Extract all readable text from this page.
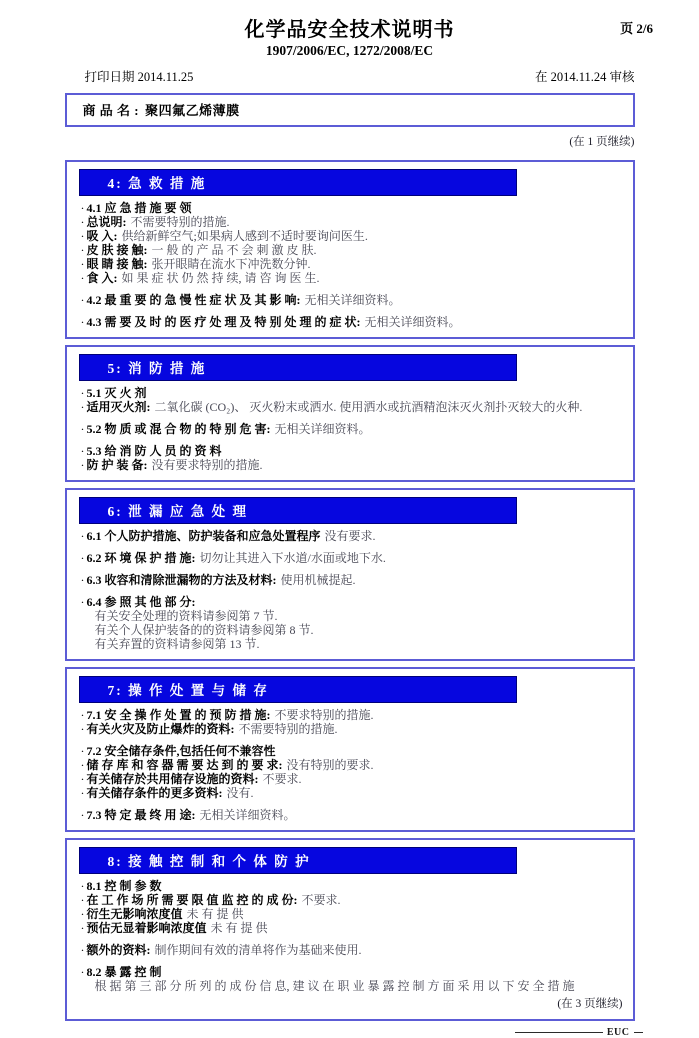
页 2/6
化学品安全技术说明书
1907/2006/EC, 1272/2008/EC
打印日期 2014.11.25	在 2014.11.24 审核
商 品 名 : 聚四氟乙烯薄膜
(在 1 页继续)
4: 急 救 措 施
· 4.1 应 急 措 施 要 领
· 总说明: 不需要特别的措施.
· 吸 入: 供给新鲜空气;如果病人感到不适时要询问医生.
· 皮 肤 接 触: 一 般 的 产 品 不 会 刺 激 皮 肤.
· 眼 睛 接 触: 张开眼睛在流水下冲洗数分钟.
· 食 入: 如 果 症 状 仍 然 持 续, 请 咨 询 医 生.
· 4.2 最 重 要 的 急 慢 性 症 状 及 其 影 响: 无相关详细资料。
· 4.3 需 要 及 时 的 医 疗 处 理 及 特 别 处 理 的 症 状: 无相关详细资料。
5: 消 防 措 施
· 5.1 灭 火 剂
· 适用灭火剂: 二氧化碳 (CO₂)、 灭火粉末或洒水. 使用洒水或抗酒精泡沫灭火剂扑灭较大的火种.
· 5.2 物 质 或 混 合 物 的 特 别 危 害: 无相关详细资料。
· 5.3 给 消 防 人 员 的 资 料
· 防 护 装 备: 没有要求特别的措施.
6: 泄 漏 应 急 处 理
· 6.1 个人防护措施、防护装备和应急处置程序 没有要求.
· 6.2 环 境 保 护 措 施: 切勿让其进入下水道/水面或地下水.
· 6.3 收容和清除泄漏物的方法及材料: 使用机械提起.
· 6.4 参 照 其 他 部 分:
有关安全处理的资料请参阅第 7 节.
有关个人保护装备的的资料请参阅第 8 节.
有关弃置的资料请参阅第 13 节.
7: 操 作 处 置 与 储 存
· 7.1 安 全 操 作 处 置 的 预 防 措 施: 不要求特别的措施.
· 有关火灾及防止爆炸的资料: 不需要特别的措施.
· 7.2 安全储存条件,包括任何不兼容性
· 储 存 库 和 容 器 需 要 达 到 的 要 求: 没有特别的要求.
· 有关储存於共用储存设施的资料: 不要求.
· 有关储存条件的更多资料: 没有.
· 7.3 特 定 最 终 用 途: 无相关详细资料。
8: 接 触 控 制 和 个 体 防 护
· 8.1 控 制 参 数
· 在 工 作 场 所 需 要 限 值 监 控 的 成 份: 不要求.
· 衍生无影响浓度值 未 有 提 供
· 预估无显着影响浓度值 未 有 提 供
· 额外的资料: 制作期间有效的清单将作为基础来使用.
· 8.2 暴 露 控 制
根 据 第 三 部 分 所 列 的 成 份 信 息, 建 议 在 职 业 暴 露 控 制 方 面 采 用 以 下 安 全 措 施
(在 3 页继续)
EUC
